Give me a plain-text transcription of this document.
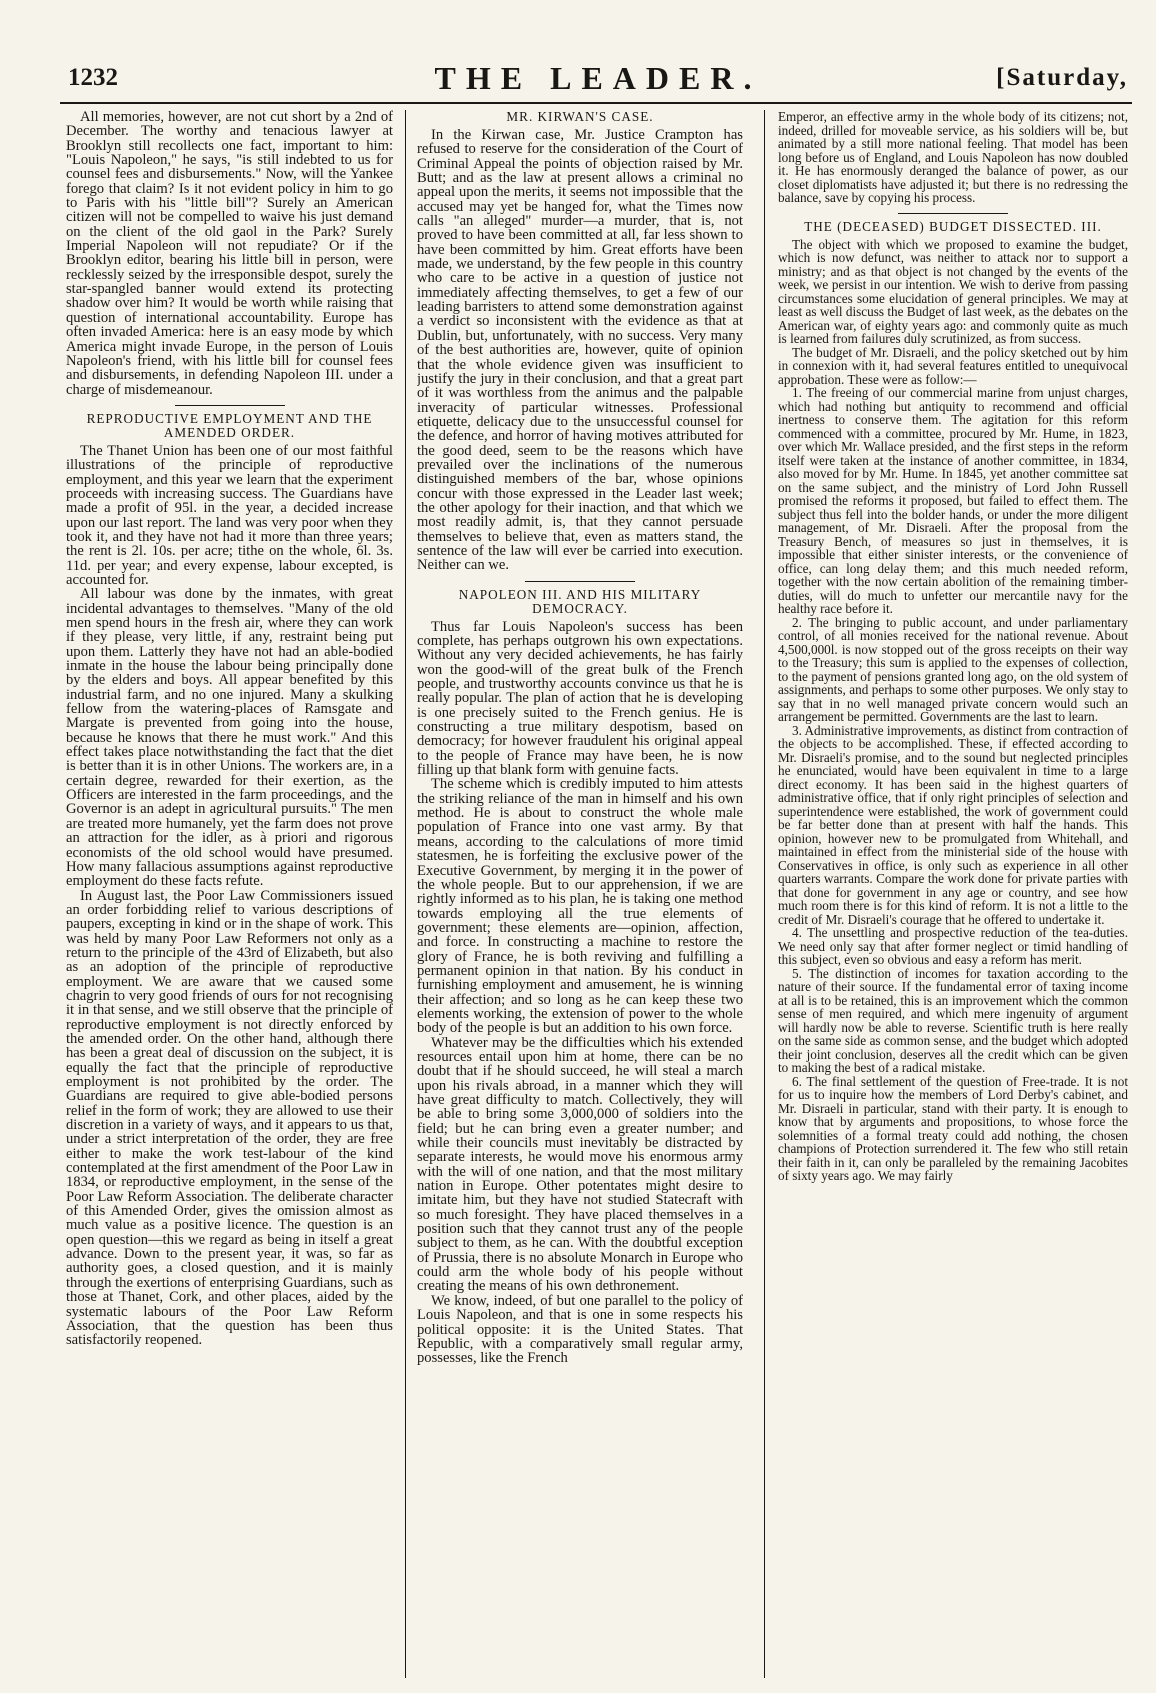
1232	THE LEADER.	[Saturday,

All memories, however, are not cut short by a 2nd of December. The worthy and tenacious lawyer at Brooklyn still recollects one fact, important to him: "Louis Napoleon," he says, "is still indebted to us for counsel fees and disbursements." Now, will the Yankee forego that claim? Is it not evident policy in him to go to Paris with his "little bill"? Surely an American citizen will not be compelled to waive his just demand on the client of the old gaol in the Park? Surely Imperial Napoleon will not repudiate? Or if the Brooklyn editor, bearing his little bill in person, were recklessly seized by the irresponsible despot, surely the star-spangled banner would extend its protecting shadow over him? It would be worth while raising that question of international accountability. Europe has often invaded America: here is an easy mode by which America might invade Europe, in the person of Louis Napoleon's friend, with his little bill for counsel fees and disbursements, in defending Napoleon III. under a charge of misdemeanour.

REPRODUCTIVE EMPLOYMENT AND THE AMENDED ORDER.

The Thanet Union has been one of our most faithful illustrations of the principle of reproductive employment, and this year we learn that the experiment proceeds with increasing success. The Guardians have made a profit of 95l. in the year, a decided increase upon our last report. The land was very poor when they took it, and they have not had it more than three years; the rent is 2l. 10s. per acre; tithe on the whole, 6l. 3s. 11d. per year; and every expense, labour excepted, is accounted for.

All labour was done by the inmates, with great incidental advantages to themselves. "Many of the old men spend hours in the fresh air, where they can work if they please, very little, if any, restraint being put upon them. Latterly they have not had an able-bodied inmate in the house the labour being principally done by the elders and boys. All appear benefited by this industrial farm, and no one injured. Many a skulking fellow from the watering-places of Ramsgate and Margate is prevented from going into the house, because he knows that there he must work." And this effect takes place notwithstanding the fact that the diet is better than it is in other Unions. The workers are, in a certain degree, rewarded for their exertion, as the Officers are interested in the farm proceedings, and the Governor is an adept in agricultural pursuits." The men are treated more humanely, yet the farm does not prove an attraction for the idler, as à priori and rigorous economists of the old school would have presumed. How many fallacious assumptions against reproductive employment do these facts refute.

In August last, the Poor Law Commissioners issued an order forbidding relief to various descriptions of paupers, excepting in kind or in the shape of work. This was held by many Poor Law Reformers not only as a return to the principle of the 43rd of Elizabeth, but also as an adoption of the principle of reproductive employment. We are aware that we caused some chagrin to very good friends of ours for not recognising it in that sense, and we still observe that the principle of reproductive employment is not directly enforced by the amended order. On the other hand, although there has been a great deal of discussion on the subject, it is equally the fact that the principle of reproductive employment is not prohibited by the order. The Guardians are required to give able-bodied persons relief in the form of work; they are allowed to use their discretion in a variety of ways, and it appears to us that, under a strict interpretation of the order, they are free either to make the work test-labour of the kind contemplated at the first amendment of the Poor Law in 1834, or reproductive employment, in the sense of the Poor Law Reform Association. The deliberate character of this Amended Order, gives the omission almost as much value as a positive licence. The question is an open question—this we regard as being in itself a great advance. Down to the present year, it was, so far as authority goes, a closed question, and it is mainly through the exertions of enterprising Guardians, such as those at Thanet, Cork, and other places, aided by the systematic labours of the Poor Law Reform Association, that the question has been thus satisfactorily reopened.

MR. KIRWAN'S CASE.

In the Kirwan case, Mr. Justice Crampton has refused to reserve for the consideration of the Court of Criminal Appeal the points of objection raised by Mr. Butt; and as the law at present allows a criminal no appeal upon the merits, it seems not impossible that the accused may yet be hanged for, what the Times now calls "an alleged" murder—a murder, that is, not proved to have been committed at all, far less shown to have been committed by him. Great efforts have been made, we understand, by the few people in this country who care to be active in a question of justice not immediately affecting themselves, to get a few of our leading barristers to attend some demonstration against a verdict so inconsistent with the evidence as that at Dublin, but, unfortunately, with no success. Very many of the best authorities are, however, quite of opinion that the whole evidence given was insufficient to justify the jury in their conclusion, and that a great part of it was worthless from the animus and the palpable inveracity of particular witnesses. Professional etiquette, delicacy due to the unsuccessful counsel for the defence, and horror of having motives attributed for the good deed, seem to be the reasons which have prevailed over the inclinations of the numerous distinguished members of the bar, whose opinions concur with those expressed in the Leader last week; the other apology for their inaction, and that which we most readily admit, is, that they cannot persuade themselves to believe that, even as matters stand, the sentence of the law will ever be carried into execution. Neither can we.

NAPOLEON III. AND HIS MILITARY DEMOCRACY.

Thus far Louis Napoleon's success has been complete, has perhaps outgrown his own expectations. Without any very decided achievements, he has fairly won the good-will of the great bulk of the French people, and trustworthy accounts convince us that he is really popular. The plan of action that he is developing is one precisely suited to the French genius. He is constructing a true military despotism, based on democracy; for however fraudulent his original appeal to the people of France may have been, he is now filling up that blank form with genuine facts.

The scheme which is credibly imputed to him attests the striking reliance of the man in himself and his own method. He is about to construct the whole male population of France into one vast army. By that means, according to the calculations of more timid statesmen, he is forfeiting the exclusive power of the Executive Government, by merging it in the power of the whole people. But to our apprehension, if we are rightly informed as to his plan, he is taking one method towards employing all the true elements of government; these elements are—opinion, affection, and force. In constructing a machine to restore the glory of France, he is both reviving and fulfilling a permanent opinion in that nation. By his conduct in furnishing employment and amusement, he is winning their affection; and so long as he can keep these two elements working, the extension of power to the whole body of the people is but an addition to his own force.

Whatever may be the difficulties which his extended resources entail upon him at home, there can be no doubt that if he should succeed, he will steal a march upon his rivals abroad, in a manner which they will have great difficulty to match. Collectively, they will be able to bring some 3,000,000 of soldiers into the field; but he can bring even a greater number; and while their councils must inevitably be distracted by separate interests, he would move his enormous army with the will of one nation, and that the most military nation in Europe. Other potentates might desire to imitate him, but they have not studied Statecraft with so much foresight. They have placed themselves in a position such that they cannot trust any of the people subject to them, as he can. With the doubtful exception of Prussia, there is no absolute Monarch in Europe who could arm the whole body of his people without creating the means of his own dethronement.

We know, indeed, of but one parallel to the policy of Louis Napoleon, and that is one in some respects his political opposite: it is the United States. That Republic, with a comparatively small regular army, possesses, like the French

Emperor, an effective army in the whole body of its citizens; not, indeed, drilled for moveable service, as his soldiers will be, but animated by a still more national feeling. That model has been long before us of England, and Louis Napoleon has now doubled it. He has enormously deranged the balance of power, as our closet diplomatists have adjusted it; but there is no redressing the balance, save by copying his process.

THE (DECEASED) BUDGET DISSECTED. III.

The object with which we proposed to examine the budget, which is now defunct, was neither to attack nor to support a ministry; and as that object is not changed by the events of the week, we persist in our intention. We wish to derive from passing circumstances some elucidation of general principles. We may at least as well discuss the Budget of last week, as the debates on the American war, of eighty years ago: and commonly quite as much is learned from failures duly scrutinized, as from success.

The budget of Mr. Disraeli, and the policy sketched out by him in connexion with it, had several features entitled to unequivocal approbation. These were as follow:—

1. The freeing of our commercial marine from unjust charges, which had nothing but antiquity to recommend and official inertness to conserve them. The agitation for this reform commenced with a committee, procured by Mr. Hume, in 1823, over which Mr. Wallace presided, and the first steps in the reform itself were taken at the instance of another committee, in 1834, also moved for by Mr. Hume. In 1845, yet another committee sat on the same subject, and the ministry of Lord John Russell promised the reforms it proposed, but failed to effect them. The subject thus fell into the bolder hands, or under the more diligent management, of Mr. Disraeli. After the proposal from the Treasury Bench, of measures so just in themselves, it is impossible that either sinister interests, or the convenience of office, can long delay them; and this much needed reform, together with the now certain abolition of the remaining timber-duties, will do much to unfetter our mercantile navy for the healthy race before it.

2. The bringing to public account, and under parliamentary control, of all monies received for the national revenue. About 4,500,000l. is now stopped out of the gross receipts on their way to the Treasury; this sum is applied to the expenses of collection, to the payment of pensions granted long ago, on the old system of assignments, and perhaps to some other purposes. We only stay to say that in no well managed private concern would such an arrangement be permitted. Governments are the last to learn.

3. Administrative improvements, as distinct from contraction of the objects to be accomplished. These, if effected according to Mr. Disraeli's promise, and to the sound but neglected principles he enunciated, would have been equivalent in time to a large direct economy. It has been said in the highest quarters of administrative office, that if only right principles of selection and superintendence were established, the work of government could be far better done than at present with half the hands. This opinion, however new to be promulgated from Whitehall, and maintained in effect from the ministerial side of the house with Conservatives in office, is only such as experience in all other quarters warrants. Compare the work done for private parties with that done for government in any age or country, and see how much room there is for this kind of reform. It is not a little to the credit of Mr. Disraeli's courage that he offered to undertake it.

4. The unsettling and prospective reduction of the tea-duties. We need only say that after former neglect or timid handling of this subject, even so obvious and easy a reform has merit.

5. The distinction of incomes for taxation according to the nature of their source. If the fundamental error of taxing income at all is to be retained, this is an improvement which the common sense of men required, and which mere ingenuity of argument will hardly now be able to reverse. Scientific truth is here really on the same side as common sense, and the budget which adopted their joint conclusion, deserves all the credit which can be given to making the best of a radical mistake.

6. The final settlement of the question of Free-trade. It is not for us to inquire how the members of Lord Derby's cabinet, and Mr. Disraeli in particular, stand with their party. It is enough to know that by arguments and propositions, to whose force the solemnities of a formal treaty could add nothing, the chosen champions of Protection surrendered it. The few who still retain their faith in it, can only be paralleled by the remaining Jacobites of sixty years ago. We may fairly
